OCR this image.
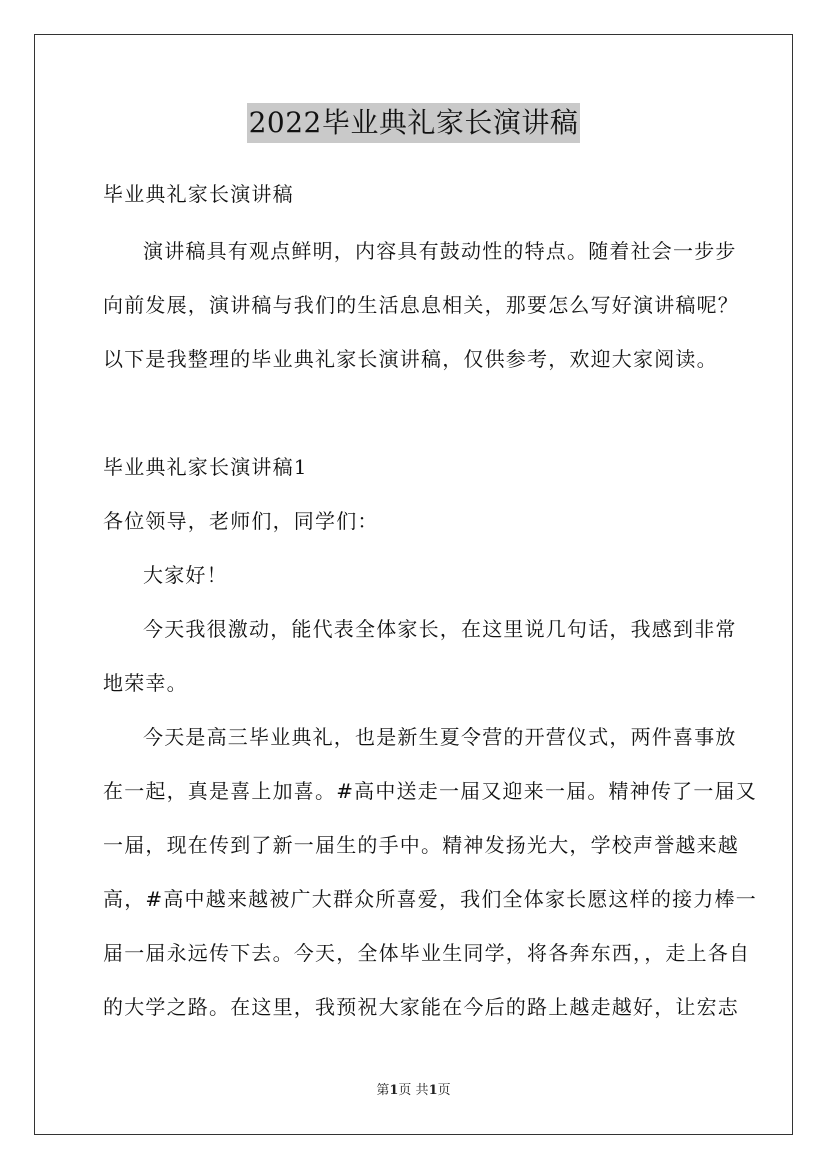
2022毕业典礼家长演讲稿
毕业典礼家长演讲稿
演讲稿具有观点鲜明，内容具有鼓动性的特点。随着社会一步步
向前发展，演讲稿与我们的生活息息相关，那要怎么写好演讲稿呢？
以下是我整理的毕业典礼家长演讲稿，仅供参考，欢迎大家阅读。
毕业典礼家长演讲稿1
各位领导，老师们，同学们：
大家好！
今天我很激动，能代表全体家长，在这里说几句话，我感到非常
地荣幸。
今天是高三毕业典礼，也是新生夏令营的开营仪式，两件喜事放
在一起，真是喜上加喜。#高中送走一届又迎来一届。精神传了一届又
一届，现在传到了新一届生的手中。精神发扬光大，学校声誉越来越
高，#高中越来越被广大群众所喜爱，我们全体家长愿这样的接力棒一
届一届永远传下去。今天，全体毕业生同学，将各奔东西，，走上各自
的大学之路。在这里，我预祝大家能在今后的路上越走越好，让宏志
第1页 共1页
